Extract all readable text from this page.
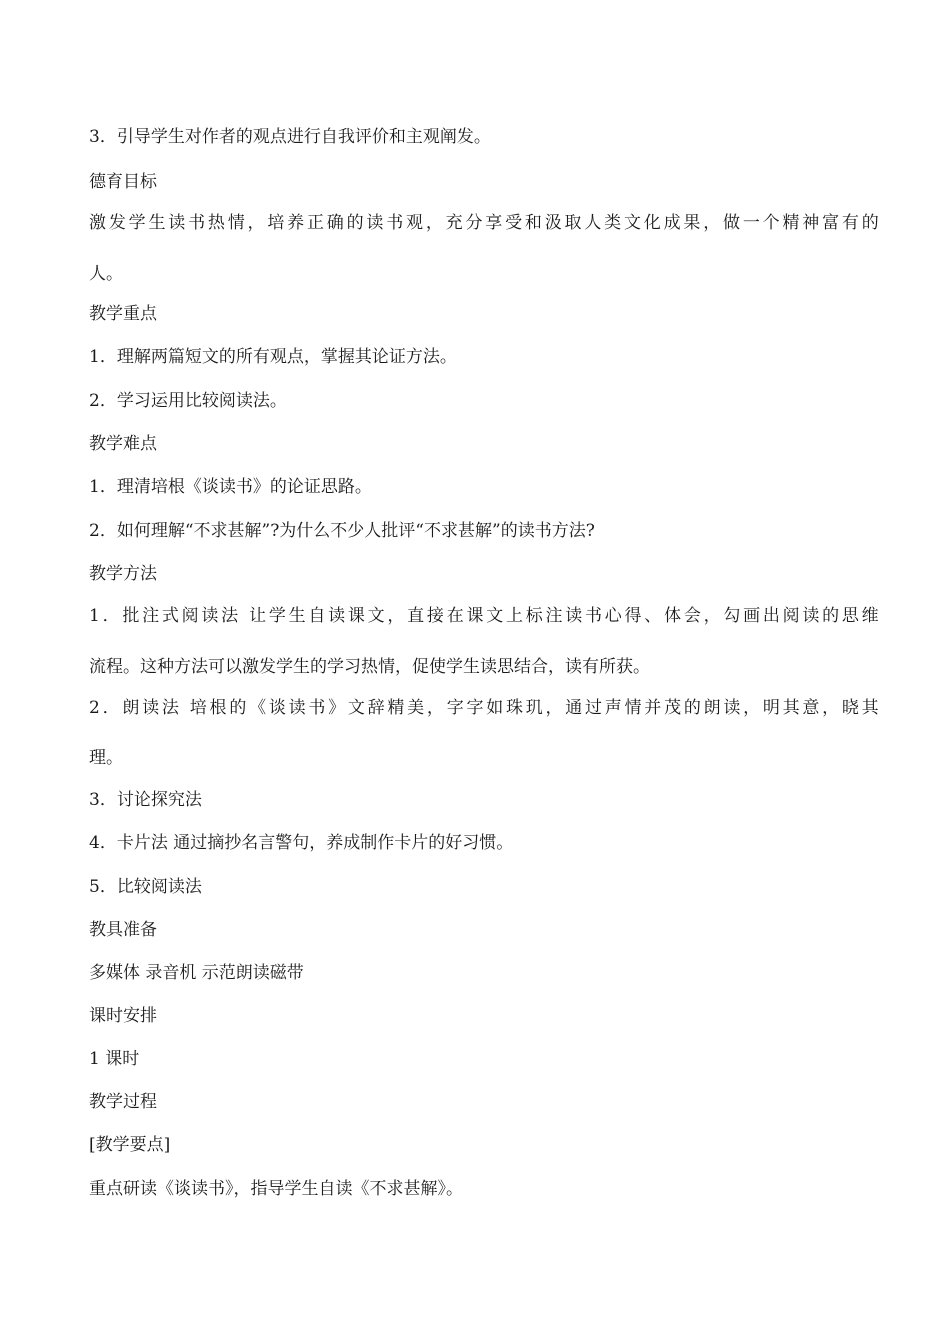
3．引导学生对作者的观点进行自我评价和主观阐发。
德育目标
激发学生读书热情，培养正确的读书观，充分享受和汲取人类文化成果，做一个精神富有的
人。
教学重点
1．理解两篇短文的所有观点，掌握其论证方法。
2．学习运用比较阅读法。
教学难点
1．理清培根《谈读书》的论证思路。
2．如何理解“不求甚解”?为什么不少人批评“不求甚解”的读书方法?
教学方法
1．批注式阅读法 让学生自读课文，直接在课文上标注读书心得、体会，勾画出阅读的思维
流程。这种方法可以激发学生的学习热情，促使学生读思结合，读有所获。
2．朗读法 培根的《谈读书》文辞精美，字字如珠玑，通过声情并茂的朗读，明其意，晓其
理。
3．讨论探究法
4．卡片法 通过摘抄名言警句，养成制作卡片的好习惯。
5．比较阅读法
教具准备
多媒体 录音机 示范朗读磁带
课时安排
1 课时
教学过程
[教学要点]
重点研读《谈读书》，指导学生自读《不求甚解》。
